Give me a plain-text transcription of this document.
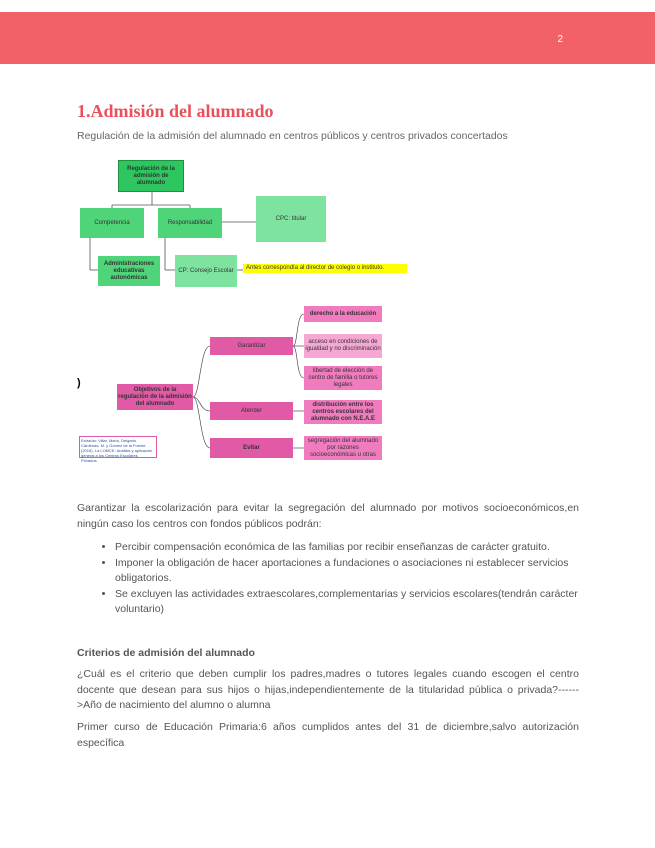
2
1.Admisión del alumnado

Regulación de la admisión del alumnado en centros públicos y centros privados concertados

Regulación de la admisión de alumnado
Competencia	Responsabilidad
CPC: titular
Administraciones educativas autonómicas
CP: Consejo Escolar	Antes correspondía al director de colegio o instituto.
)
Objetivos de la regulación de la admisión del alumnado
Garantizar
Atender
Evitar
derecho a la educación
acceso en condiciones de igualdad y no discriminación
libertad de elección de centro de familia o tutores legales
distribución entre los centros escolares del alumnado con N.E.A.E
segregación del alumnado por razones socioeconómicas u otras
Extraído: Villar, Mario, Delgado Cárdenas, M. y Gómez de la Fuente (2016). La LOMCE: Análisis y aplicación general a los Centros Escolares Privados.

Garantizar la escolarización para evitar la segregación del alumnado por motivos socioeconómicos,en ningún caso los centros con fondos públicos podrán:

• Percibir compensación económica de las familias por recibir enseñanzas de carácter gratuito.
• Imponer la obligación de hacer aportaciones a fundaciones o asociaciones ni establecer servicios obligatorios.
• Se excluyen las actividades extraescolares,complementarias y servicios escolares(tendrán carácter voluntario)

Criterios de admisión del alumnado

¿Cuál es el criterio que deben cumplir los padres,madres o tutores legales cuando escogen el centro docente que desean para sus hijos o hijas,independientemente de la titularidad pública o privada?------>Año de nacimiento del alumno o alumna

Primer curso de Educación Primaria:6 años cumplidos antes del 31 de diciembre,salvo autorización específica
